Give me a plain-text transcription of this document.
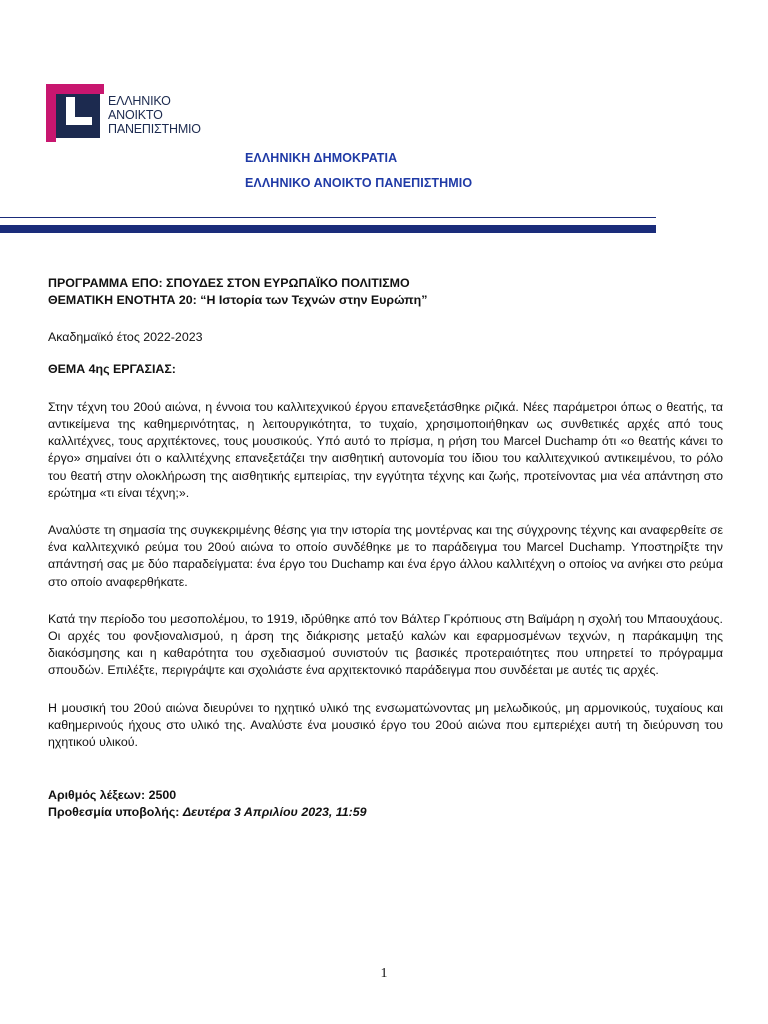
ΕΛΛΗΝΙΚΟ
ΑΝΟΙΚΤΟ
ΠΑΝΕΠΙΣΤΗΜΙΟ
ΕΛΛΗΝΙΚΗ ΔΗΜΟΚΡΑΤΙΑ
ΕΛΛΗΝΙΚΟ ΑΝΟΙΚΤΟ ΠΑΝΕΠΙΣΤΗΜΙΟ

ΠΡΟΓΡΑΜΜΑ ΕΠΟ: ΣΠΟΥΔΕΣ ΣΤΟΝ ΕΥΡΩΠΑΪΚΟ ΠΟΛΙΤΙΣΜΟ

ΘΕΜΑΤΙΚΗ ΕΝΟΤΗΤΑ 20: “Η Ιστορία των Τεχνών στην Ευρώπη”

Ακαδημαϊκό έτος 2022-2023

ΘΕΜΑ 4ης ΕΡΓΑΣΙΑΣ:

Στην τέχνη του 20ού αιώνα, η έννοια του καλλιτεχνικού έργου επανεξετάσθηκε ριζικά. Νέες παράμετροι όπως ο θεατής, τα αντικείμενα της καθημερινότητας, η λειτουργικότητα, το τυχαίο, χρησιμοποιήθηκαν ως συνθετικές αρχές από τους καλλιτέχνες, τους αρχιτέκτονες, τους μουσικούς. Υπό αυτό το πρίσμα, η ρήση του Marcel Duchamp ότι «ο θεατής κάνει το έργο» σημαίνει ότι ο καλλιτέχνης επανεξετάζει την αισθητική αυτονομία του ίδιου του καλλιτεχνικού αντικειμένου, το ρόλο του θεατή στην ολοκλήρωση της αισθητικής εμπειρίας, την εγγύτητα τέχνης και ζωής, προτείνοντας μια νέα απάντηση στο ερώτημα «τι είναι τέχνη;».

Αναλύστε τη σημασία της συγκεκριμένης θέσης για την ιστορία της μοντέρνας και της σύγχρονης τέχνης και αναφερθείτε σε ένα καλλιτεχνικό ρεύμα του 20ού αιώνα το οποίο συνδέθηκε με το παράδειγμα του Marcel Duchamp. Υποστηρίξτε την απάντησή σας με δύο παραδείγματα: ένα έργο του Duchamp και ένα έργο άλλου καλλιτέχνη ο οποίος να ανήκει στο ρεύμα στο οποίο αναφερθήκατε.

Κατά την περίοδο του μεσοπολέμου, το 1919, ιδρύθηκε από τον Βάλτερ Γκρόπιους στη Βαϊμάρη η σχολή του Μπαουχάους. Οι αρχές του φονξιοναλισμού, η άρση της διάκρισης μεταξύ καλών και εφαρμοσμένων τεχνών, η παράκαμψη της διακόσμησης και η καθαρότητα του σχεδιασμού συνιστούν τις βασικές προτεραιότητες που υπηρετεί το πρόγραμμα σπουδών. Επιλέξτε, περιγράψτε και σχολιάστε ένα αρχιτεκτονικό παράδειγμα που συνδέεται με αυτές τις αρχές.

Η μουσική του 20ού αιώνα διευρύνει το ηχητικό υλικό της ενσωματώνοντας μη μελωδικούς, μη αρμονικούς, τυχαίους και καθημερινούς ήχους στο υλικό της. Αναλύστε ένα μουσικό έργο του 20ού αιώνα που εμπεριέχει αυτή τη διεύρυνση του ηχητικού υλικού.

Αριθμός λέξεων: 2500

Προθεσμία υποβολής: Δευτέρα 3 Απριλίου 2023, 11:59

1
